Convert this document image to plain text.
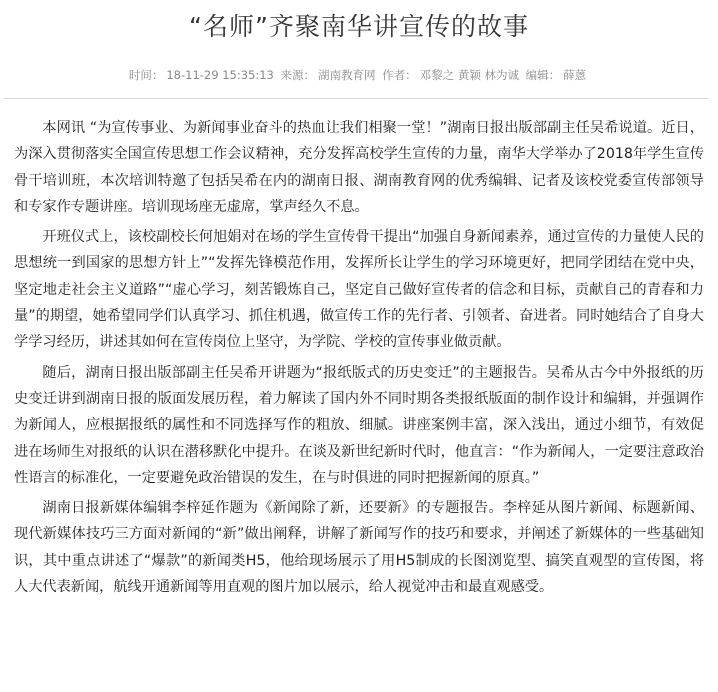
“名师”齐聚南华讲宣传的故事
时间： 18-11-29 15:35:13 来源： 湖南教育网 作者： 邓黎之 黄颖 林为诚 编辑： 薛蒽

本网讯 “为宣传事业、为新闻事业奋斗的热血让我们相聚一堂！”湖南日报出版部副主任吴希说道。近日，为深入贯彻落实全国宣传思想工作会议精神，充分发挥高校学生宣传的力量，南华大学举办了2018年学生宣传骨干培训班，本次培训特邀了包括吴希在内的湖南日报、湖南教育网的优秀编辑、记者及该校党委宣传部领导和专家作专题讲座。培训现场座无虚席，掌声经久不息。

开班仪式上，该校副校长何旭娟对在场的学生宣传骨干提出“加强自身新闻素养，通过宣传的力量使人民的思想统一到国家的思想方针上”“发挥先锋模范作用，发挥所长让学生的学习环境更好，把同学团结在党中央，坚定地走社会主义道路”“虚心学习，刻苦锻炼自己，坚定自己做好宣传者的信念和目标，贡献自己的青春和力量”的期望，她希望同学们认真学习、抓住机遇，做宣传工作的先行者、引领者、奋进者。同时她结合了自身大学学习经历，讲述其如何在宣传岗位上坚守，为学院、学校的宣传事业做贡献。

随后，湖南日报出版部副主任吴希开讲题为“报纸版式的历史变迁”的主题报告。吴希从古今中外报纸的历史变迁讲到湖南日报的版面发展历程，着力解读了国内外不同时期各类报纸版面的制作设计和编辑，并强调作为新闻人，应根据报纸的属性和不同选择写作的粗放、细腻。讲座案例丰富，深入浅出，通过小细节，有效促进在场师生对报纸的认识在潜移默化中提升。在谈及新世纪新时代时，他直言：“作为新闻人，一定要注意政治性语言的标准化，一定要避免政治错误的发生，在与时俱进的同时把握新闻的原真。”

湖南日报新媒体编辑李梓延作题为《新闻除了新，还要新》的专题报告。李梓延从图片新闻、标题新闻、现代新媒体技巧三方面对新闻的“新”做出阐释，讲解了新闻写作的技巧和要求，并阐述了新媒体的一些基础知识，其中重点讲述了“爆款”的新闻类H5，他给现场展示了用H5制成的长图浏览型、搞笑直观型的宣传图，将人大代表新闻，航线开通新闻等用直观的图片加以展示，给人视觉冲击和最直观感受。
